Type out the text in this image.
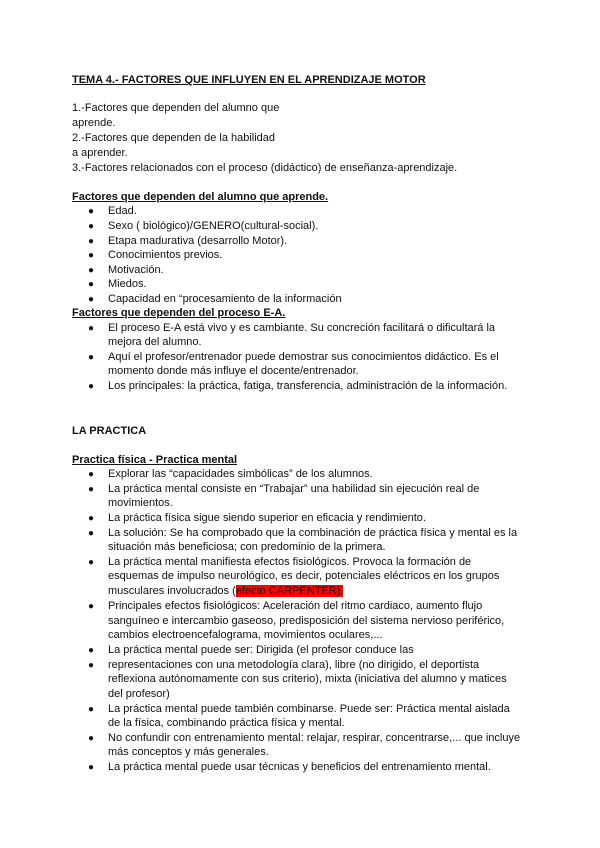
TEMA 4.- FACTORES QUE INFLUYEN EN EL APRENDIZAJE MOTOR
1.-Factores que dependen del alumno que
aprende.
2.-Factores que dependen de la habilidad
a aprender.
3.-Factores relacionados con el proceso (didáctico) de enseñanza-aprendizaje.
Factores que dependen del alumno que aprende.
● Edad.
● Sexo ( biológico)/GENERO(cultural-social).
● Etapa madurativa (desarrollo Motor).
● Conocimientos previos.
● Motivación.
● Miedos.
● Capacidad en “procesamiento de la información
Factores que dependen del proceso E-A.
● El proceso E-A está vivo y es cambiante. Su concreción facilitará o dificultará la
mejora del alumno.
● Aquí el profesor/entrenador puede demostrar sus conocimientos didáctico. Es el
momento donde más influye el docente/entrenador.
● Los principales: la práctica, fatiga, transferencia, administración de la información.
LA PRACTICA
Practica física - Practica mental
● Explorar las “capacidades simbólicas” de los alumnos.
● La práctica mental consiste en “Trabajar” una habilidad sin ejecución real de
movimientos.
● La práctica física sigue siendo superior en eficacia y rendimiento.
● La solución: Se ha comprobado que la combinación de práctica física y mental es la
situación más beneficiosa; con predominio de la primera.
● La práctica mental manifiesta efectos fisiológicos. Provoca la formación de
esquemas de impulso neurológico, es decir, potenciales eléctricos en los grupos
musculares involucrados (efecto CARPENTER).
● Principales efectos fisiológicos: Aceleración del ritmo cardiaco, aumento flujo
sanguíneo e intercambio gaseoso, predisposición del sistema nervioso periférico,
cambios electroencefalograma, movimientos oculares,...
● La práctica mental puede ser: Dirigida (el profesor conduce las
● representaciones con una metodología clara), libre (no dirigido, el deportista
reflexiona autónomamente con sus criterio), mixta (iniciativa del alumno y matices
del profesor)
● La práctica mental puede también combinarse. Puede ser: Práctica mental aislada
de la física, combinando práctica física y mental.
● No confundir con entrenamiento mental: relajar, respirar, concentrarse,... que incluye
más conceptos y más generales.
● La práctica mental puede usar técnicas y beneficios del entrenamiento mental.
